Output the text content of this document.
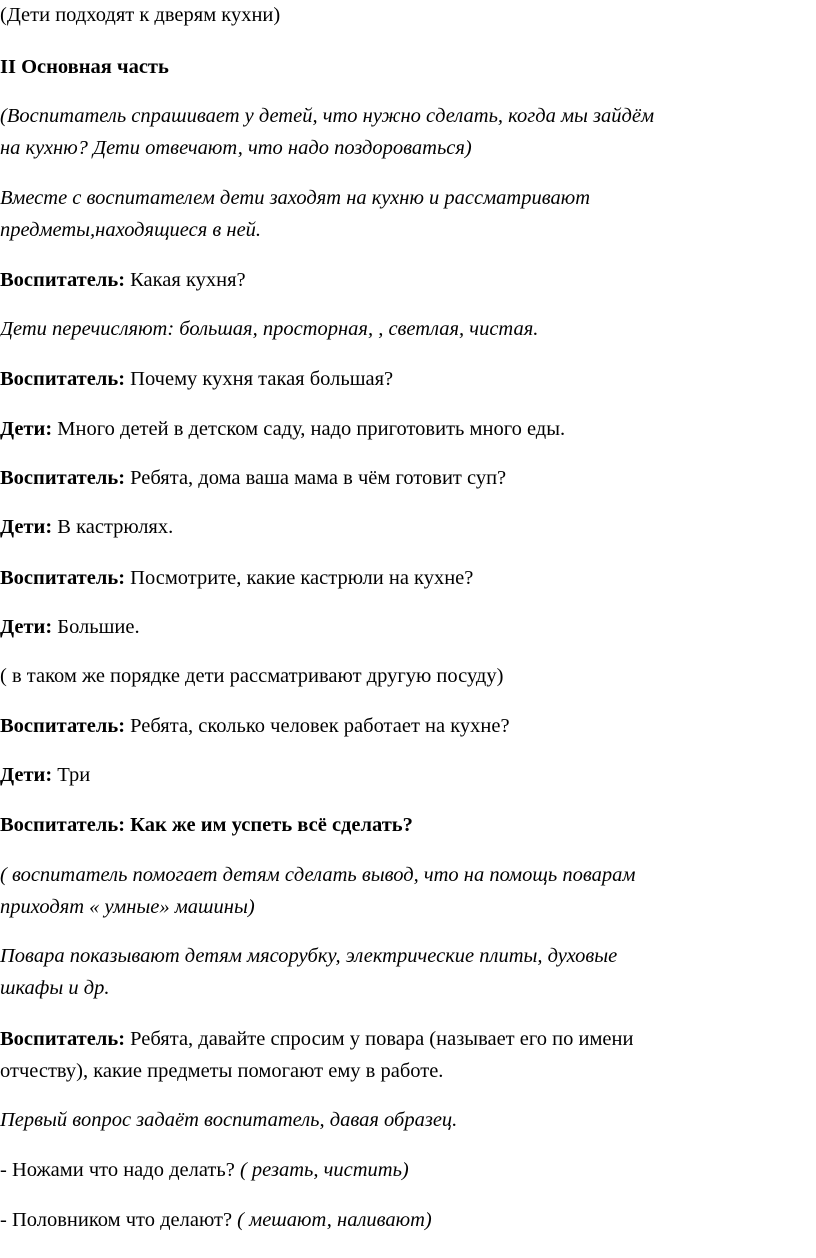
(Дети подходят к дверям кухни)

II Основная часть

(Воспитатель спрашивает у детей, что нужно сделать, когда мы зайдём

на кухню? Дети отвечают, что надо поздороваться)

Вместе с воспитателем дети заходят на кухню и рассматривают

предметы,находящиеся в ней.

Воспитатель: Какая кухня?

Дети перечисляют: большая, просторная, , светлая, чистая.

Воспитатель: Почему кухня такая большая?

Дети: Много детей в детском саду, надо приготовить много еды.

Воспитатель: Ребята, дома ваша мама в чём готовит суп?

Дети: В кастрюлях.

Воспитатель: Посмотрите, какие кастрюли на кухне?

Дети: Большие.

( в таком же порядке дети рассматривают другую посуду)

Воспитатель: Ребята, сколько человек работает на кухне?

Дети: Три

Воспитатель: Как же им успеть всё сделать?

( воспитатель помогает детям сделать вывод, что на помощь поварам

приходят « умные» машины)

Повара показывают детям мясорубку, электрические плиты, духовые

шкафы и др.

Воспитатель: Ребята, давайте спросим у повара (называет его по имени

отчеству), какие предметы помогают ему в работе.

Первый вопрос задаёт воспитатель, давая образец.

- Ножами что надо делать? ( резать, чистить)

- Половником что делают? ( мешают, наливают)
